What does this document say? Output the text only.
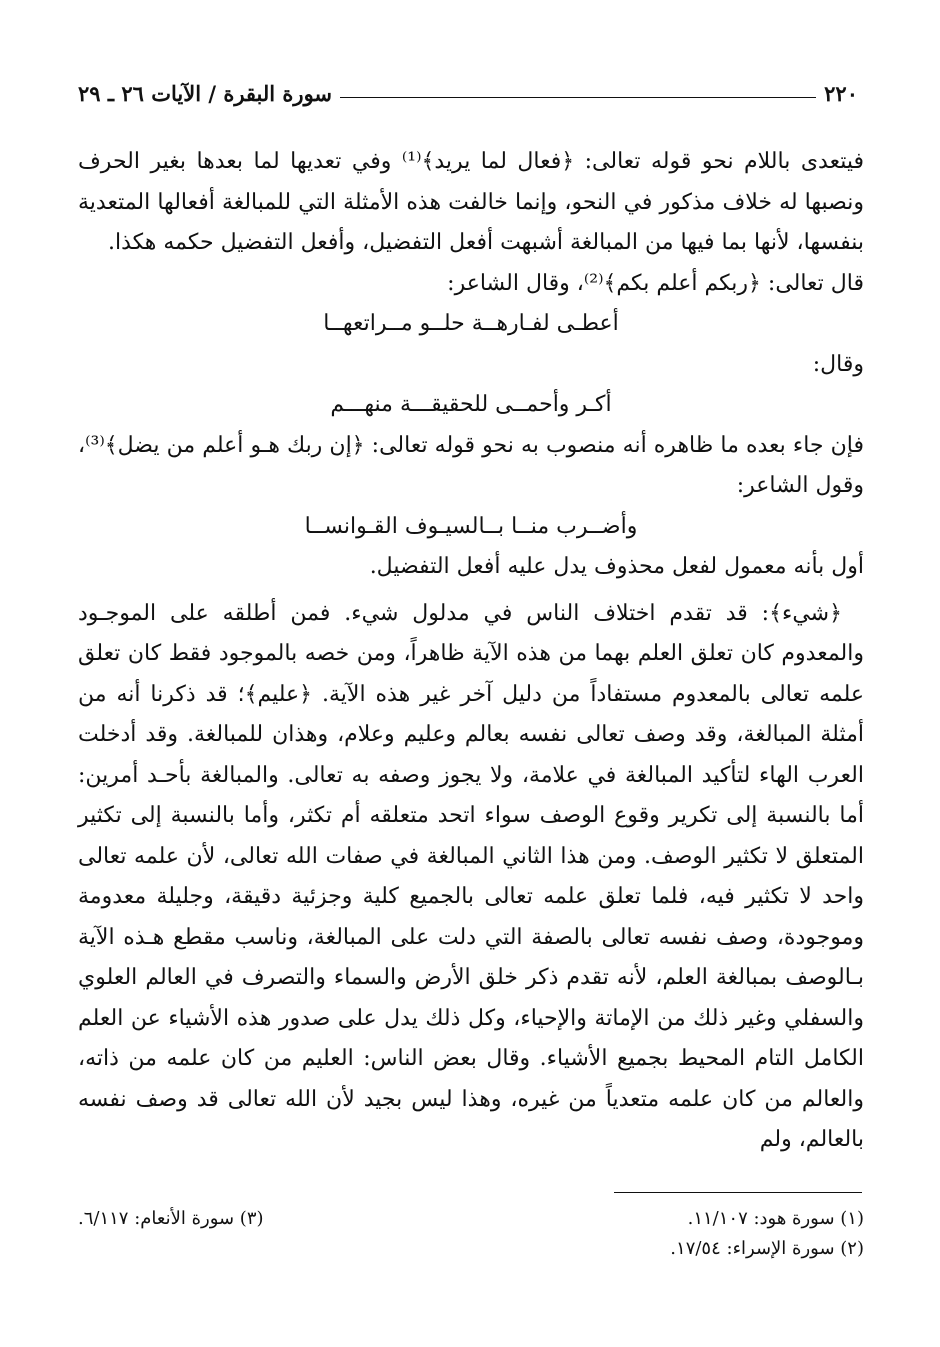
٢٢٠
سورة البقرة / الآيات ٢٦ ـ ٢٩

فيتعدى باللام نحو قوله تعالى: ﴿فعال لما يريد﴾⁽¹⁾ وفي تعديها لما بعدها بغير الحرف ونصبها له خلاف مذكور في النحو، وإنما خالفت هذه الأمثلة التي للمبالغة أفعالها المتعدية بنفسها، لأنها بما فيها من المبالغة أشبهت أفعل التفضيل، وأفعل التفضيل حكمه هكذا.

قال تعالى: ﴿ربكم أعلم بكم﴾⁽²⁾، وقال الشاعر:

أعطـى لفـارهــة حلــو مــراتعهــا

وقال:

أكـر وأحمــى للحقيقـــة منهـــم

فإن جاء بعده ما ظاهره أنه منصوب به نحو قوله تعالى: ﴿إن ربك هـو أعلم من يضل﴾⁽³⁾، وقول الشاعر:

وأضــرب منــا بــالسيـوف القـوانســا

أول بأنه معمول لفعل محذوف يدل عليه أفعل التفضيل.

﴿شيء﴾: قد تقدم اختلاف الناس في مدلول شيء. فمن أطلقه على الموجـود والمعدوم كان تعلق العلم بهما من هذه الآية ظاهراً، ومن خصه بالموجود فقط كان تعلق علمه تعالى بالمعدوم مستفاداً من دليل آخر غير هذه الآية. ﴿عليم﴾؛ قد ذكرنا أنه من أمثلة المبالغة، وقد وصف تعالى نفسه بعالم وعليم وعلام، وهذان للمبالغة. وقد أدخلت العرب الهاء لتأكيد المبالغة في علامة، ولا يجوز وصفه به تعالى. والمبالغة بأحـد أمرين: أما بالنسبة إلى تكرير وقوع الوصف سواء اتحد متعلقه أم تكثر، وأما بالنسبة إلى تكثير المتعلق لا تكثير الوصف. ومن هذا الثاني المبالغة في صفات الله تعالى، لأن علمه تعالى واحد لا تكثير فيه، فلما تعلق علمه تعالى بالجميع كلية وجزئية دقيقة، وجليلة معدومة وموجودة، وصف نفسه تعالى بالصفة التي دلت على المبالغة، وناسب مقطع هـذه الآية بـالوصف بمبالغة العلم، لأنه تقدم ذكر خلق الأرض والسماء والتصرف في العالم العلوي والسفلي وغير ذلك من الإماتة والإحياء، وكل ذلك يدل على صدور هذه الأشياء عن العلم الكامل التام المحيط بجميع الأشياء. وقال بعض الناس: العليم من كان علمه من ذاته، والعالم من كان علمه متعدياً من غيره، وهذا ليس بجيد لأن الله تعالى قد وصف نفسه بالعالم، ولم

(١) سورة هود: ١١/١٠٧.
(٣) سورة الأنعام: ٦/١١٧.
(٢) سورة الإسراء: ١٧/٥٤.
